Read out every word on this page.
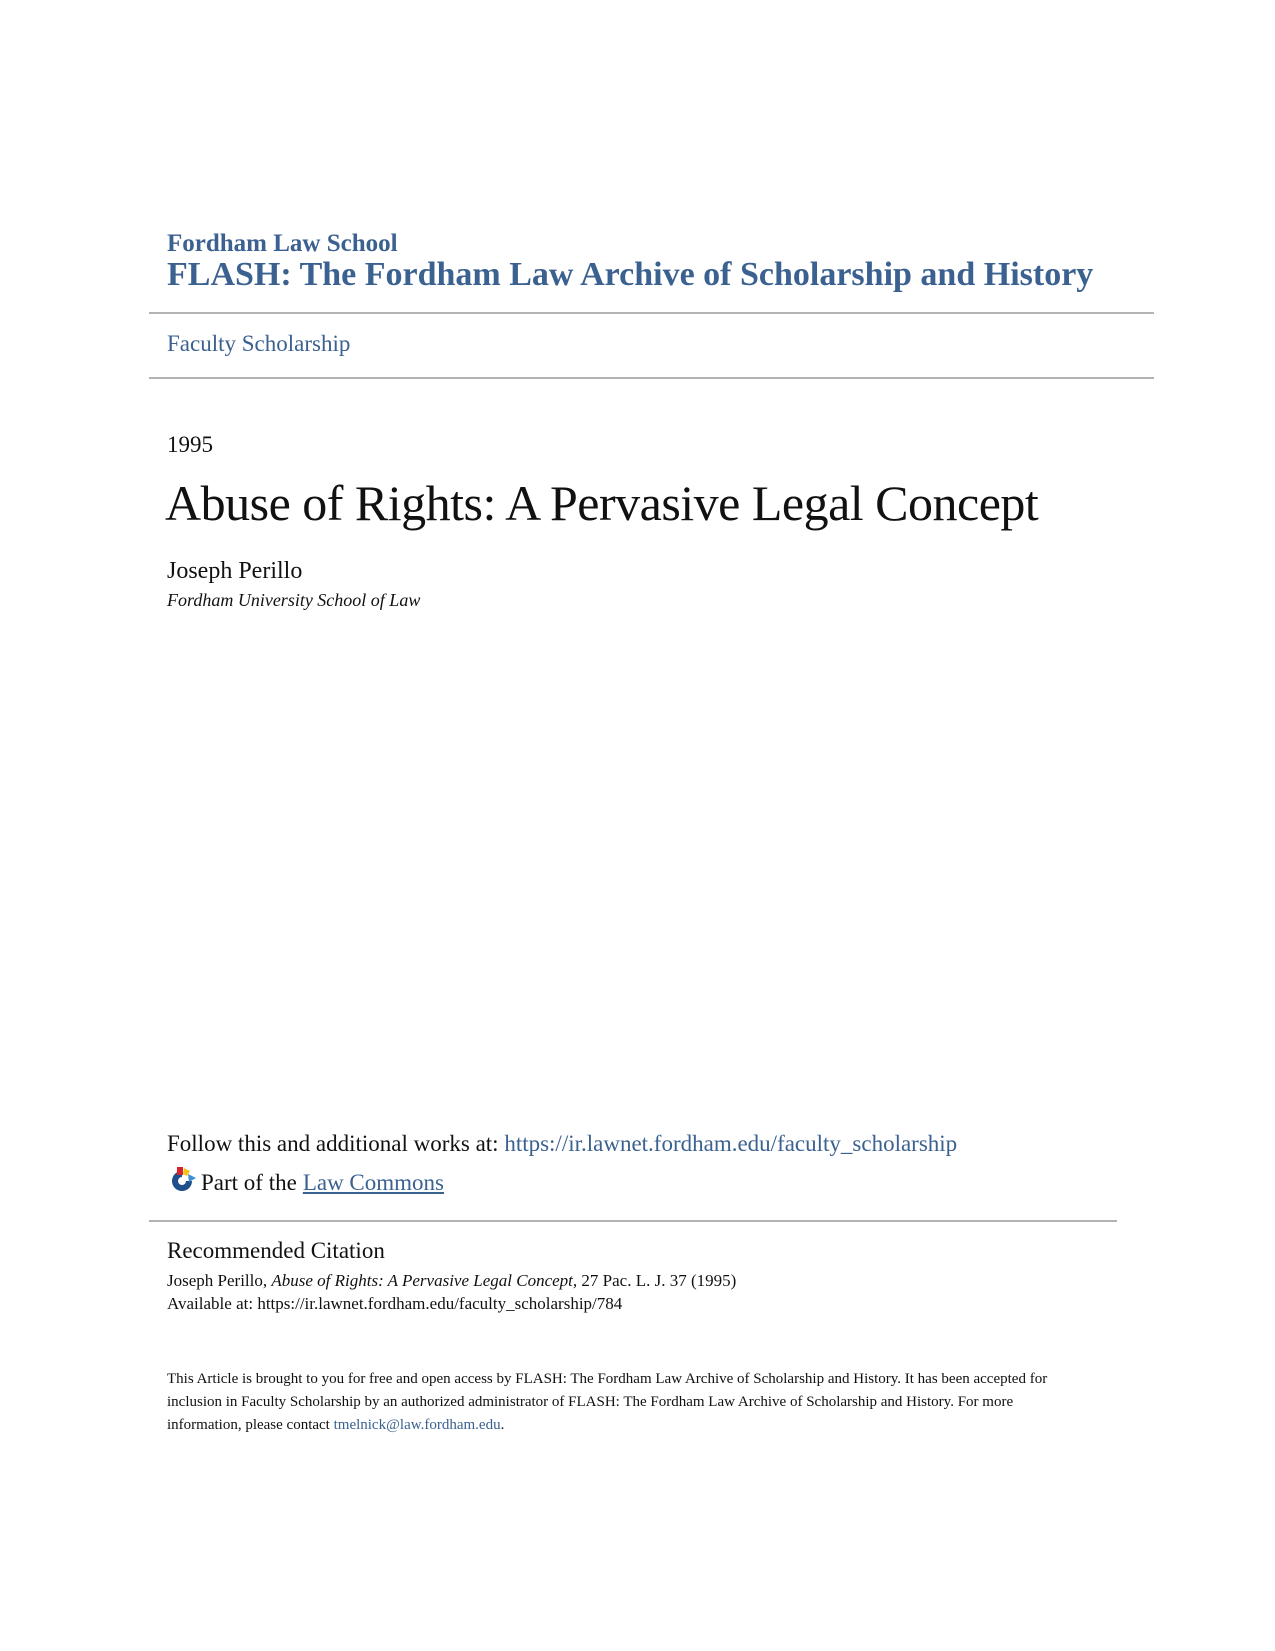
Fordham Law School
FLASH: The Fordham Law Archive of Scholarship and History
Faculty Scholarship
1995
Abuse of Rights: A Pervasive Legal Concept
Joseph Perillo
Fordham University School of Law
Follow this and additional works at: https://ir.lawnet.fordham.edu/faculty_scholarship
Part of the Law Commons
Recommended Citation
Joseph Perillo, Abuse of Rights: A Pervasive Legal Concept, 27 Pac. L. J. 37 (1995)
Available at: https://ir.lawnet.fordham.edu/faculty_scholarship/784
This Article is brought to you for free and open access by FLASH: The Fordham Law Archive of Scholarship and History. It has been accepted for inclusion in Faculty Scholarship by an authorized administrator of FLASH: The Fordham Law Archive of Scholarship and History. For more information, please contact tmelnick@law.fordham.edu.
